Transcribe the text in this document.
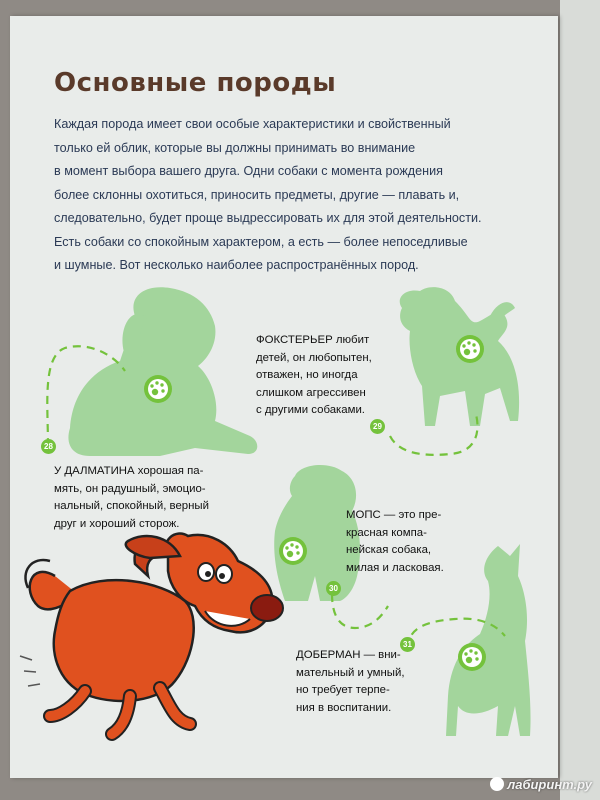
Основные породы
Каждая порода имеет свои особые характеристики и свойственный
только ей облик, которые вы должны принимать во внимание
в момент выбора вашего друга. Одни собаки с момента рождения
более склонны охотиться, приносить предметы, другие — плавать и,
следовательно, будет проще выдрессировать их для этой деятельности.
Есть собаки со спокойным характером, а есть — более непоседливые
и шумные. Вот несколько наиболее распространённых пород.
28
29
30
31
ФОКСТЕРЬЕР любит
детей, он любопытен,
отважен, но иногда
слишком агрессивен
с другими собаками.
У ДАЛМАТИНА хорошая па-
мять, он радушный, эмоцио-
нальный, спокойный, верный
друг и хороший сторож.
МОПС — это пре-
красная компа-
нейская собака,
милая и ласковая.
ДОБЕРМАН — вни-
мательный и умный,
но требует терпе-
ния в воспитании.
лабиринт.ру
